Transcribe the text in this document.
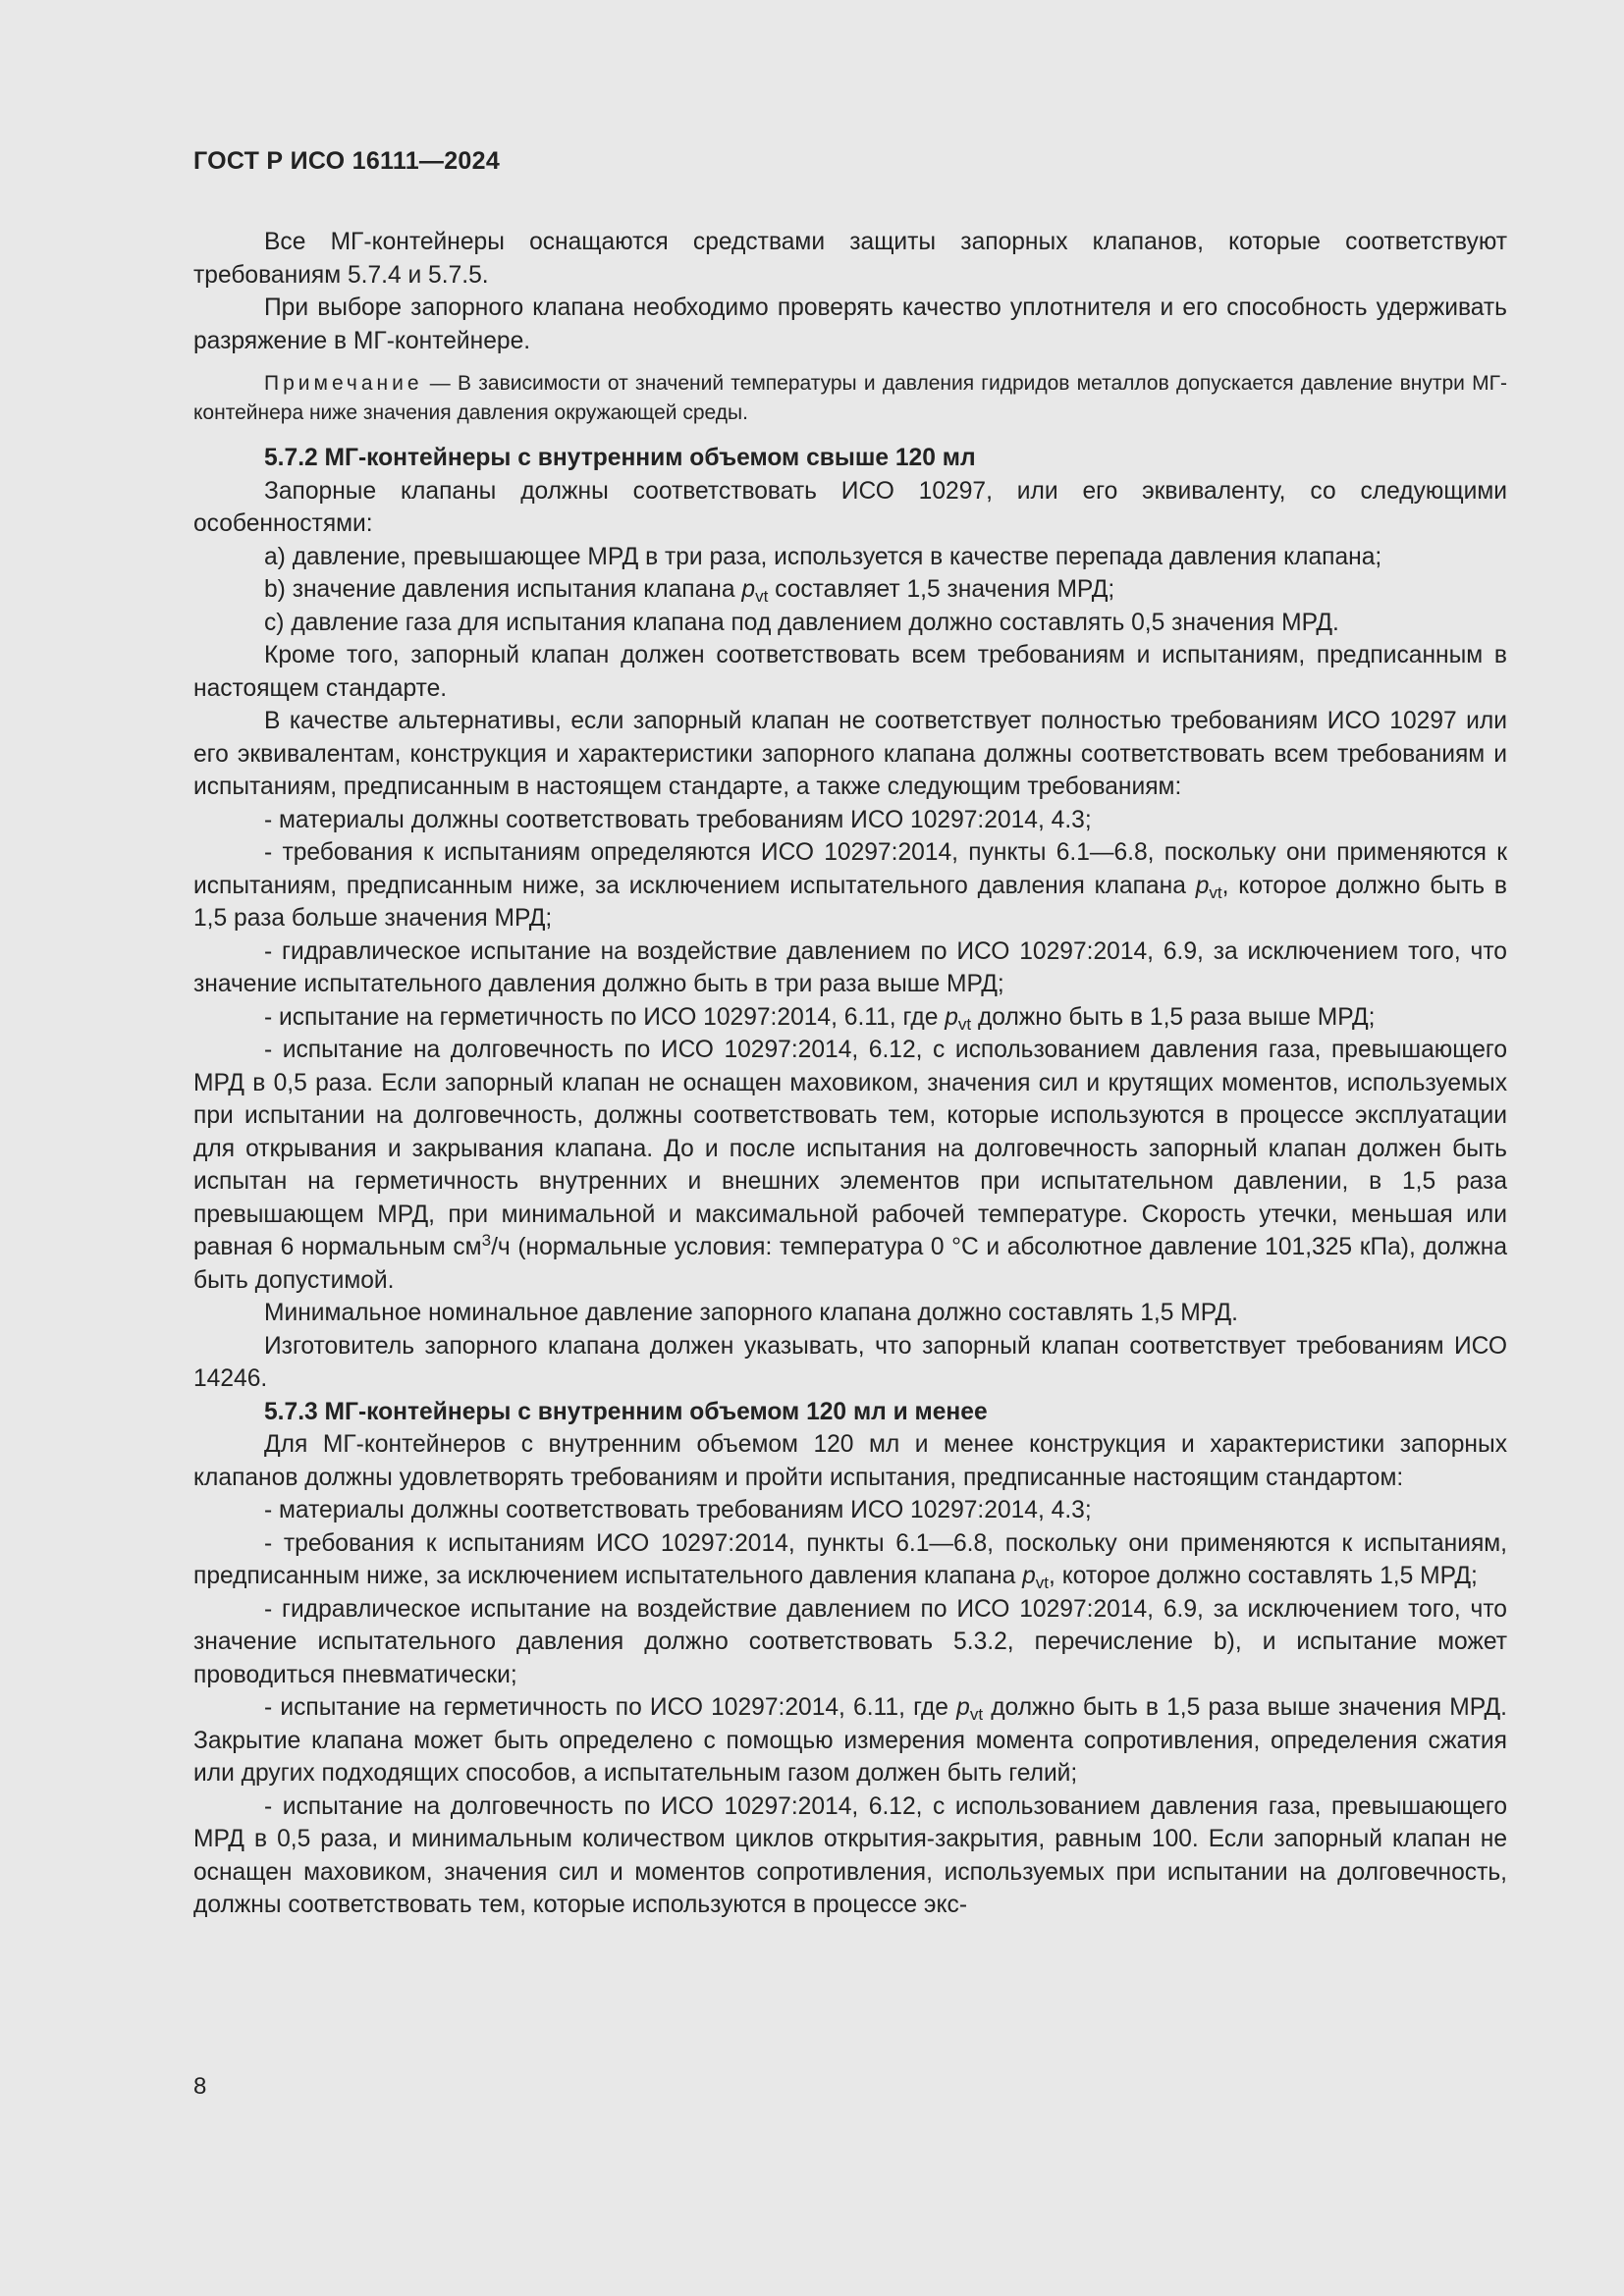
ГОСТ Р ИСО 16111—2024

Все МГ-контейнеры оснащаются средствами защиты запорных клапанов, которые соответствуют требованиям 5.7.4 и 5.7.5.

При выборе запорного клапана необходимо проверять качество уплотнителя и его способность удерживать разряжение в МГ-контейнере.

Примечание — В зависимости от значений температуры и давления гидридов металлов допускается давление внутри МГ-контейнера ниже значения давления окружающей среды.

5.7.2 МГ-контейнеры с внутренним объемом свыше 120 мл

Запорные клапаны должны соответствовать ИСО 10297, или его эквиваленту, со следующими особенностями:

a) давление, превышающее МРД в три раза, используется в качестве перепада давления клапана;

b) значение давления испытания клапана $p_{vt}$ составляет 1,5 значения МРД;

c) давление газа для испытания клапана под давлением должно составлять 0,5 значения МРД.

Кроме того, запорный клапан должен соответствовать всем требованиям и испытаниям, предписанным в настоящем стандарте.

В качестве альтернативы, если запорный клапан не соответствует полностью требованиям ИСО 10297 или его эквивалентам, конструкция и характеристики запорного клапана должны соответствовать всем требованиям и испытаниям, предписанным в настоящем стандарте, а также следующим требованиям:

- материалы должны соответствовать требованиям ИСО 10297:2014, 4.3;

- требования к испытаниям определяются ИСО 10297:2014, пункты 6.1—6.8, поскольку они применяются к испытаниям, предписанным ниже, за исключением испытательного давления клапана $p_{vt}$, которое должно быть в 1,5 раза больше значения МРД;

- гидравлическое испытание на воздействие давлением по ИСО 10297:2014, 6.9, за исключением того, что значение испытательного давления должно быть в три раза выше МРД;

- испытание на герметичность по ИСО 10297:2014, 6.11, где $p_{vt}$ должно быть в 1,5 раза выше МРД;

- испытание на долговечность по ИСО 10297:2014, 6.12, с использованием давления газа, превышающего МРД в 0,5 раза. Если запорный клапан не оснащен маховиком, значения сил и крутящих моментов, используемых при испытании на долговечность, должны соответствовать тем, которые используются в процессе эксплуатации для открывания и закрывания клапана. До и после испытания на долговечность запорный клапан должен быть испытан на герметичность внутренних и внешних элементов при испытательном давлении, в 1,5 раза превышающем МРД, при минимальной и максимальной рабочей температуре. Скорость утечки, меньшая или равная 6 нормальным $см^3/ч$ (нормальные условия: температура 0 °С и абсолютное давление 101,325 кПа), должна быть допустимой.

Минимальное номинальное давление запорного клапана должно составлять 1,5 МРД.

Изготовитель запорного клапана должен указывать, что запорный клапан соответствует требованиям ИСО 14246.

5.7.3 МГ-контейнеры с внутренним объемом 120 мл и менее

Для МГ-контейнеров с внутренним объемом 120 мл и менее конструкция и характеристики запорных клапанов должны удовлетворять требованиям и пройти испытания, предписанные настоящим стандартом:

- материалы должны соответствовать требованиям ИСО 10297:2014, 4.3;

- требования к испытаниям ИСО 10297:2014, пункты 6.1—6.8, поскольку они применяются к испытаниям, предписанным ниже, за исключением испытательного давления клапана $p_{vt}$, которое должно составлять 1,5 МРД;

- гидравлическое испытание на воздействие давлением по ИСО 10297:2014, 6.9, за исключением того, что значение испытательного давления должно соответствовать 5.3.2, перечисление b), и испытание может проводиться пневматически;

- испытание на герметичность по ИСО 10297:2014, 6.11, где $p_{vt}$ должно быть в 1,5 раза выше значения МРД. Закрытие клапана может быть определено с помощью измерения момента сопротивления, определения сжатия или других подходящих способов, а испытательным газом должен быть гелий;

- испытание на долговечность по ИСО 10297:2014, 6.12, с использованием давления газа, превышающего МРД в 0,5 раза, и минимальным количеством циклов открытия-закрытия, равным 100. Если запорный клапан не оснащен маховиком, значения сил и моментов сопротивления, используемых при испытании на долговечность, должны соответствовать тем, которые используются в процессе экс-

8
